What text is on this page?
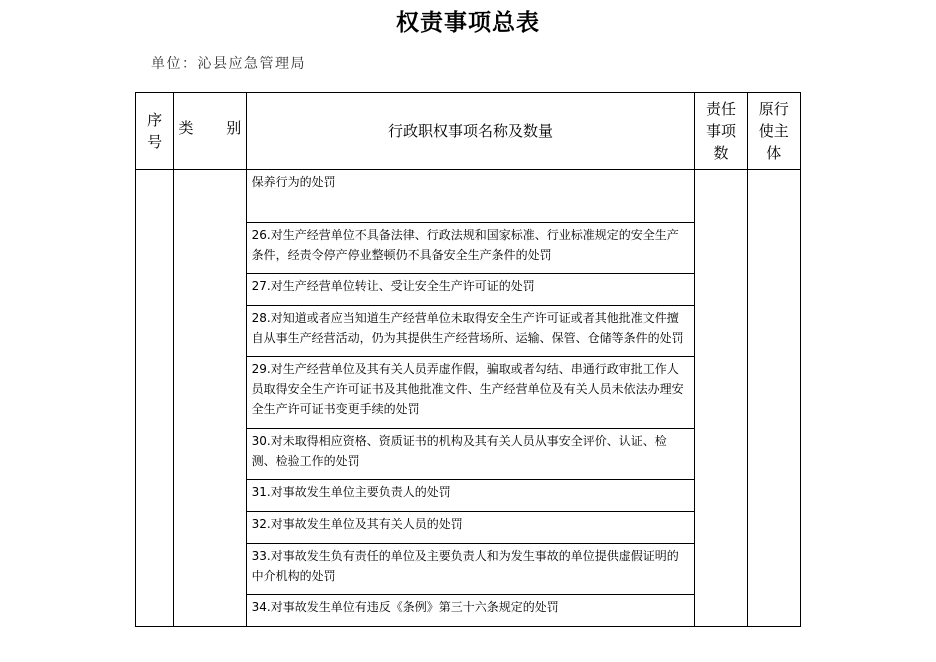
权责事项总表
单位：沁县应急管理局
序号	类 别	行政职权事项名称及数量	责任事项数	原行使主体

		保养行为的处罚		
		26.对生产经营单位不具备法律、行政法规和国家标准、行业标准规定的安全生产条件，经责令停产停业整顿仍不具备安全生产条件的处罚		
		27.对生产经营单位转让、受让安全生产许可证的处罚		
		28.对知道或者应当知道生产经营单位未取得安全生产许可证或者其他批准文件擅自从事生产经营活动，仍为其提供生产经营场所、运输、保管、仓储等条件的处罚		
		29.对生产经营单位及其有关人员弄虚作假，骗取或者勾结、串通行政审批工作人员取得安全生产许可证书及其他批准文件、生产经营单位及有关人员未依法办理安全生产许可证书变更手续的处罚		
		30.对未取得相应资格、资质证书的机构及其有关人员从事安全评价、认证、检测、检验工作的处罚		
		31.对事故发生单位主要负责人的处罚		
		32.对事故发生单位及其有关人员的处罚		
		33.对事故发生负有责任的单位及主要负责人和为发生事故的单位提供虚假证明的中介机构的处罚		
		34.对事故发生单位有违反《条例》第三十六条规定的处罚		
